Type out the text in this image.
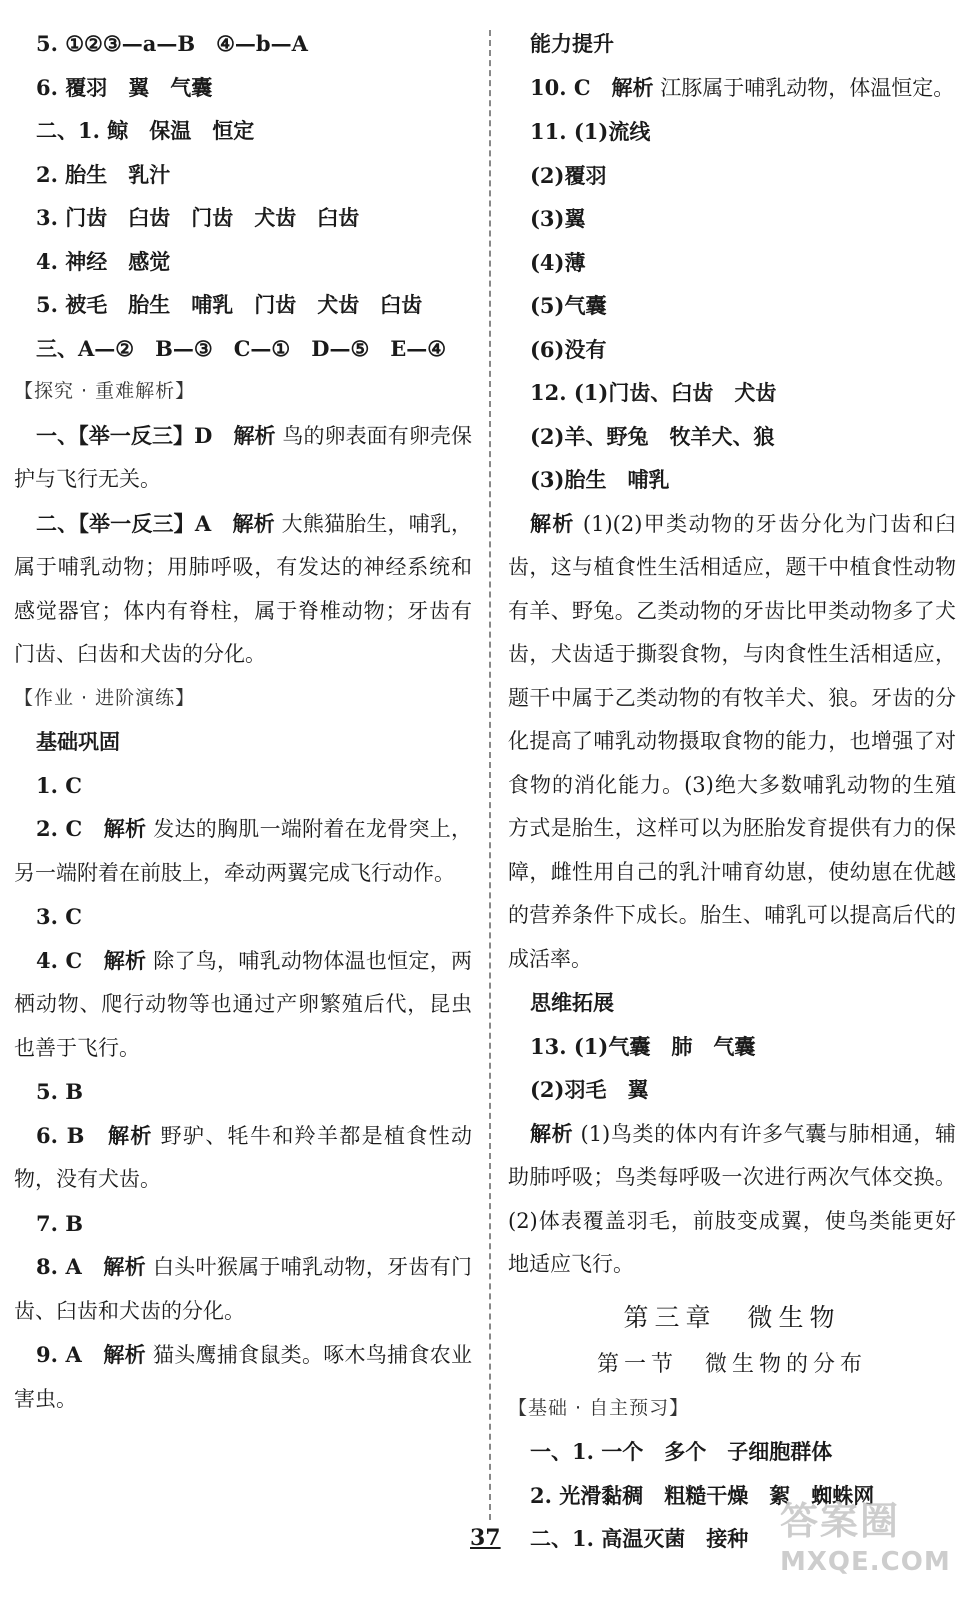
5. ①②③—a—B　④—b—A
6. 覆羽　翼　气囊
二、1. 鲸　保温　恒定
2. 胎生　乳汁
3. 门齿　臼齿　门齿　犬齿　臼齿
4. 神经　感觉
5. 被毛　胎生　哺乳　门齿　犬齿　臼齿
三、A—②　B—③　C—①　D—⑤　E—④
【探究 · 重难解析】
一、【举一反三】D　解析 鸟的卵表面有卵壳保护与飞行无关。
二、【举一反三】A　解析 大熊猫胎生，哺乳，属于哺乳动物；用肺呼吸，有发达的神经系统和感觉器官；体内有脊柱，属于脊椎动物；牙齿有门齿、臼齿和犬齿的分化。
【作业 · 进阶演练】
基础巩固
1. C
2. C　解析 发达的胸肌一端附着在龙骨突上，另一端附着在前肢上，牵动两翼完成飞行动作。
3. C
4. C　解析 除了鸟，哺乳动物体温也恒定，两栖动物、爬行动物等也通过产卵繁殖后代，昆虫也善于飞行。
5. B
6. B　解析 野驴、牦牛和羚羊都是植食性动物，没有犬齿。
7. B
8. A　解析 白头叶猴属于哺乳动物，牙齿有门齿、臼齿和犬齿的分化。
9. A　解析 猫头鹰捕食鼠类。啄木鸟捕食农业害虫。
能力提升
10. C　解析 江豚属于哺乳动物，体温恒定。
11. (1)流线
(2)覆羽
(3)翼
(4)薄
(5)气囊
(6)没有
12. (1)门齿、臼齿　犬齿
(2)羊、野兔　牧羊犬、狼
(3)胎生　哺乳
解析 (1)(2)甲类动物的牙齿分化为门齿和臼齿，这与植食性生活相适应，题干中植食性动物有羊、野兔。乙类动物的牙齿比甲类动物多了犬齿，犬齿适于撕裂食物，与肉食性生活相适应，题干中属于乙类动物的有牧羊犬、狼。牙齿的分化提高了哺乳动物摄取食物的能力，也增强了对食物的消化能力。(3)绝大多数哺乳动物的生殖方式是胎生，这样可以为胚胎发育提供有力的保障，雌性用自己的乳汁哺育幼崽，使幼崽在优越的营养条件下成长。胎生、哺乳可以提高后代的成活率。
思维拓展
13. (1)气囊　肺　气囊
(2)羽毛　翼
解析 (1)鸟类的体内有许多气囊与肺相通，辅助肺呼吸；鸟类每呼吸一次进行两次气体交换。(2)体表覆盖羽毛，前肢变成翼，使鸟类能更好地适应飞行。
第三章　微生物
第一节　微生物的分布
【基础 · 自主预习】
一、1. 一个　多个　子细胞群体
2. 光滑黏稠　粗糙干燥　絮　蜘蛛网
二、1. 高温灭菌　接种
37	答案圈
MXQE.COM
